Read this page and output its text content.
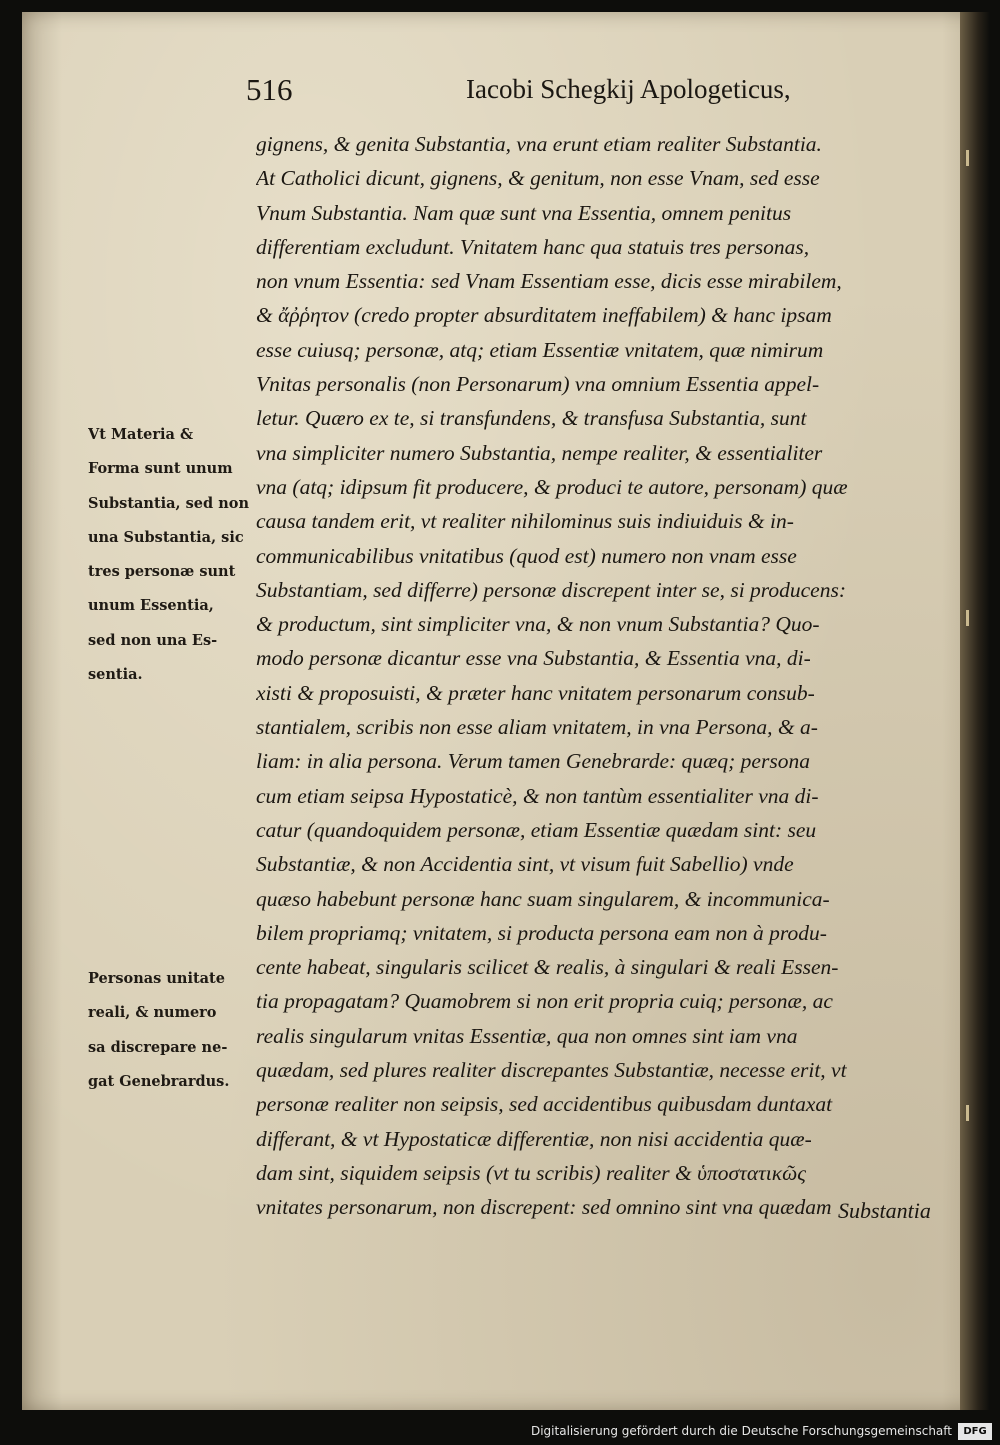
516	Iacobi Schegkij Apologeticus,
gignens, & genita Substantia, vna erunt etiam realiter Substantia.
At Catholici dicunt, gignens, & genitum, non esse Vnam, sed esse
Vnum Substantia. Nam quæ sunt vna Essentia, omnem penitus
differentiam excludunt. Vnitatem hanc qua statuis tres personas,
non vnum Essentia: sed Vnam Essentiam esse, dicis esse mirabilem,
& ἄῤῥητον (credo propter absurditatem ineffabilem) & hanc ipsam
esse cuiusq; personæ, atq; etiam Essentiæ vnitatem, quæ nimirum
Vnitas personalis (non Personarum) vna omnium Essentia appel-
letur. Quæro ex te, si transfundens, & transfusa Substantia, sunt
vna simpliciter numero Substantia, nempe realiter, & essentialiter
vna (atq; idipsum fit producere, & produci te autore, personam) quæ
causa tandem erit, vt realiter nihilominus suis indiuiduis & in-
communicabilibus vnitatibus (quod est) numero non vnam esse
Substantiam, sed differre) personæ discrepent inter se, si producens:
& productum, sint simpliciter vna, & non vnum Substantia? Quo-
modo personæ dicantur esse vna Substantia, & Essentia vna, di-
xisti & proposuisti, & præter hanc vnitatem personarum consub-
stantialem, scribis non esse aliam vnitatem, in vna Persona, & a-
liam: in alia persona. Verum tamen Genebrarde: quæq; persona
cum etiam seipsa Hypostaticè, & non tantùm essentialiter vna di-
catur (quandoquidem personæ, etiam Essentiæ quædam sint: seu
Substantiæ, & non Accidentia sint, vt visum fuit Sabellio) vnde
quæso habebunt personæ hanc suam singularem, & incommunica-
bilem propriamq; vnitatem, si producta persona eam non à produ-
cente habeat, singularis scilicet & realis, à singulari & reali Essen-
tia propagatam? Quamobrem si non erit propria cuiq; personæ, ac
realis singularum vnitas Essentiæ, qua non omnes sint iam vna
quædam, sed plures realiter discrepantes Substantiæ, necesse erit, vt
personæ realiter non seipsis, sed accidentibus quibusdam duntaxat
differant, & vt Hypostaticæ differentiæ, non nisi accidentia quæ-
dam sint, siquidem seipsis (vt tu scribis) realiter & ὑποστατικῶς
vnitates personarum, non discrepent: sed omnino sint vna quædam Substantia
Vt Materia &
Forma sunt unum
Substantia, sed non
una Substantia, sic
tres personæ sunt
unum Essentia,
sed non una Es-
sentia.
Personas unitate
reali, & numero
sa discrepare ne-
gat Genebrardus.
Digitalisierung gefördert durch die Deutsche Forschungsgemeinschaft	DFG
